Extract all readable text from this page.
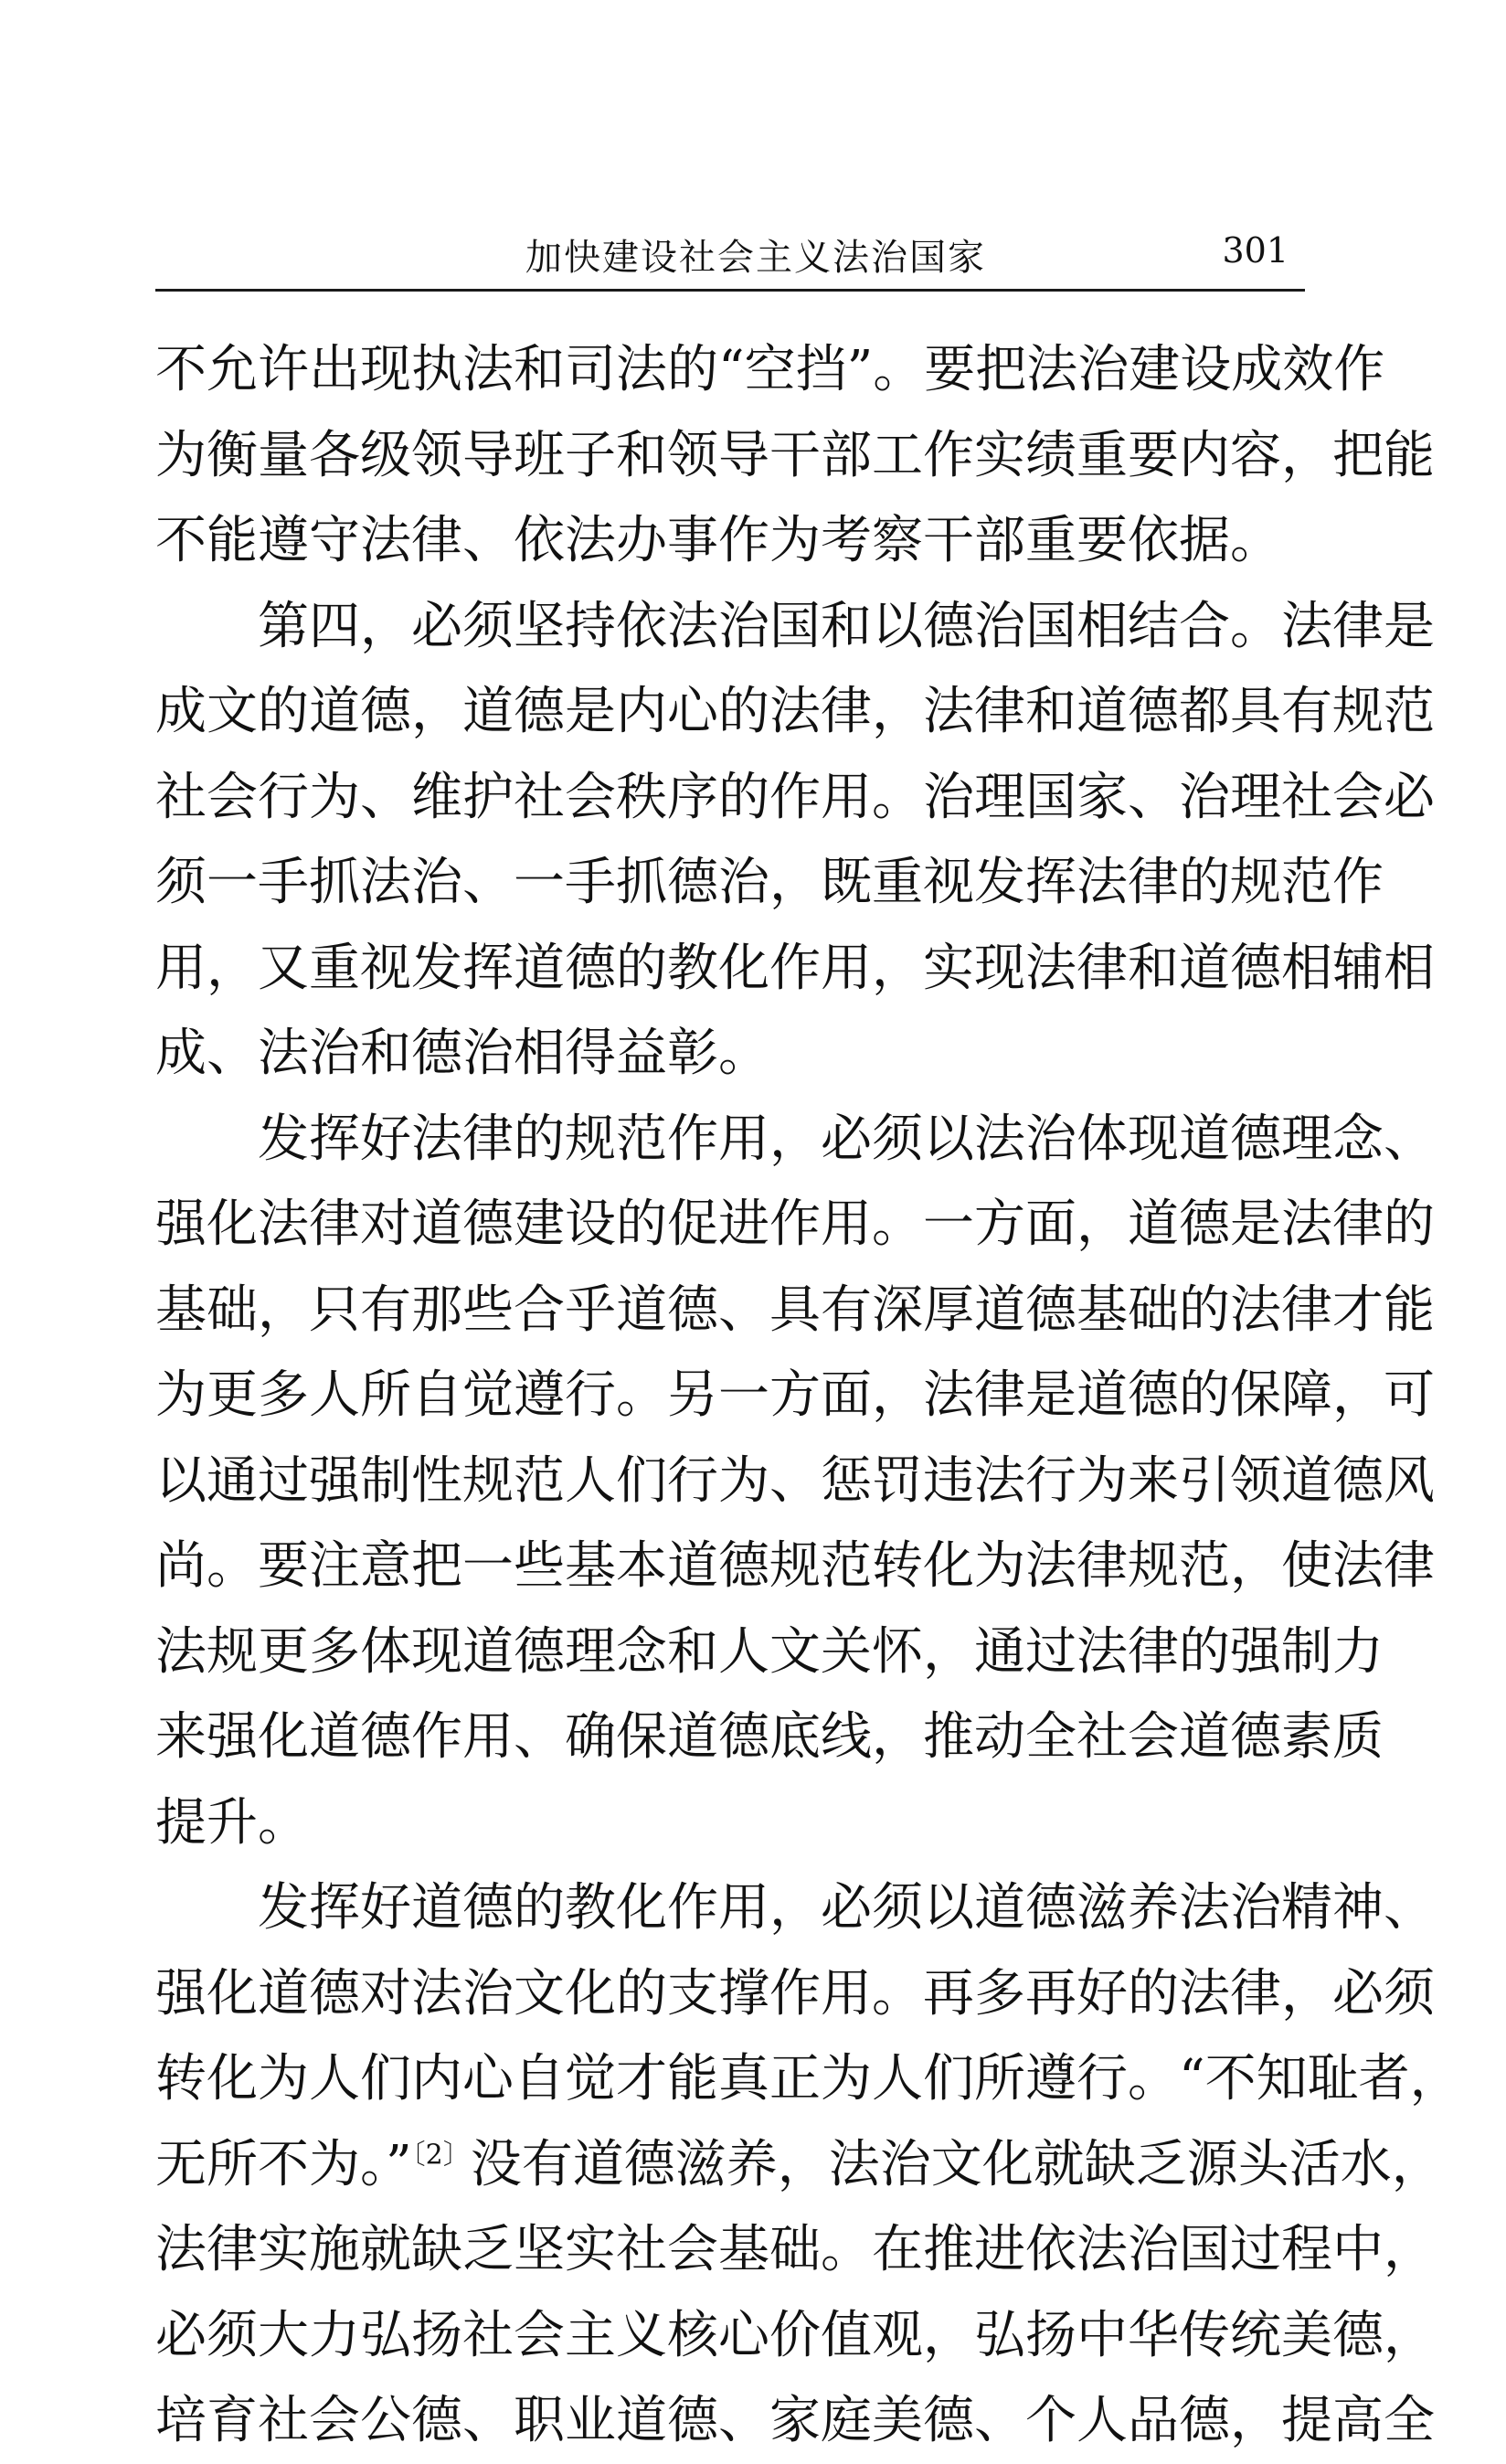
加快建设社会主义法治国家	301
不允许出现执法和司法的“空挡”。要把法治建设成效作
为衡量各级领导班子和领导干部工作实绩重要内容，把能
不能遵守法律、依法办事作为考察干部重要依据。
第四，必须坚持依法治国和以德治国相结合。法律是
成文的道德，道德是内心的法律，法律和道德都具有规范
社会行为、维护社会秩序的作用。治理国家、治理社会必
须一手抓法治、一手抓德治，既重视发挥法律的规范作
用，又重视发挥道德的教化作用，实现法律和道德相辅相
成、法治和德治相得益彰。
发挥好法律的规范作用，必须以法治体现道德理念、
强化法律对道德建设的促进作用。一方面，道德是法律的
基础，只有那些合乎道德、具有深厚道德基础的法律才能
为更多人所自觉遵行。另一方面，法律是道德的保障，可
以通过强制性规范人们行为、惩罚违法行为来引领道德风
尚。要注意把一些基本道德规范转化为法律规范，使法律
法规更多体现道德理念和人文关怀，通过法律的强制力
来强化道德作用、确保道德底线，推动全社会道德素质
提升。
发挥好道德的教化作用，必须以道德滋养法治精神、
强化道德对法治文化的支撑作用。再多再好的法律，必须
转化为人们内心自觉才能真正为人们所遵行。“不知耻者，
无所不为。”$^{〔2〕}$没有道德滋养，法治文化就缺乏源头活水，
法律实施就缺乏坚实社会基础。在推进依法治国过程中，
必须大力弘扬社会主义核心价值观，弘扬中华传统美德，
培育社会公德、职业道德、家庭美德、个人品德，提高全
